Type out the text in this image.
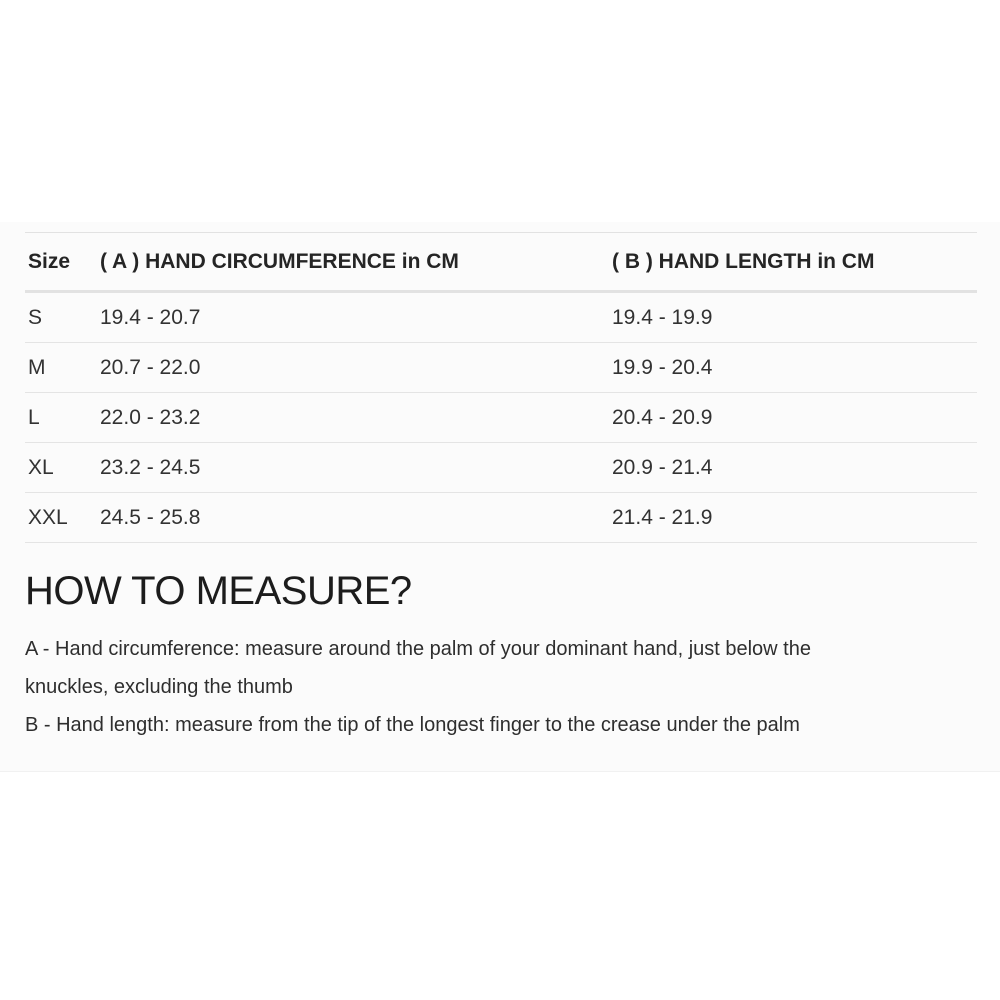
Size	( A ) HAND CIRCUMFERENCE in CM	( B ) HAND LENGTH in CM
S	19.4 - 20.7	19.4 - 19.9
M	20.7 - 22.0	19.9 - 20.4
L	22.0 - 23.2	20.4 - 20.9
XL	23.2 - 24.5	20.9 - 21.4
XXL	24.5 - 25.8	21.4 - 21.9
HOW TO MEASURE?
A - Hand circumference: measure around the palm of your dominant hand, just below the
knuckles, excluding the thumb
B - Hand length: measure from the tip of the longest finger to the crease under the palm
